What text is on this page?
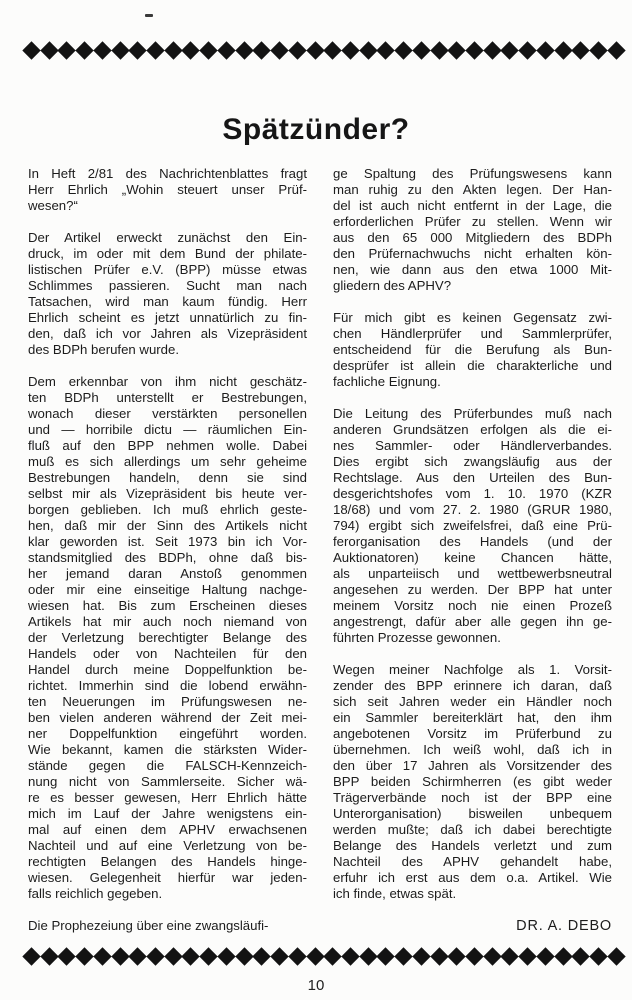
Spätzünder?
In Heft 2/81 des Nachrichtenblattes fragt
Herr Ehrlich „Wohin steuert unser Prüf-
wesen?“
Der Artikel erweckt zunächst den Ein-
druck, im oder mit dem Bund der philate-
listischen Prüfer e.V. (BPP) müsse etwas
Schlimmes passieren. Sucht man nach
Tatsachen, wird man kaum fündig. Herr
Ehrlich scheint es jetzt unnatürlich zu fin-
den, daß ich vor Jahren als Vizepräsident
des BDPh berufen wurde.
Dem erkennbar von ihm nicht geschätz-
ten BDPh unterstellt er Bestrebungen,
wonach dieser verstärkten personellen
und — horribile dictu — räumlichen Ein-
fluß auf den BPP nehmen wolle. Dabei
muß es sich allerdings um sehr geheime
Bestrebungen handeln, denn sie sind
selbst mir als Vizepräsident bis heute ver-
borgen geblieben. Ich muß ehrlich geste-
hen, daß mir der Sinn des Artikels nicht
klar geworden ist. Seit 1973 bin ich Vor-
standsmitglied des BDPh, ohne daß bis-
her jemand daran Anstoß genommen
oder mir eine einseitige Haltung nachge-
wiesen hat. Bis zum Erscheinen dieses
Artikels hat mir auch noch niemand von
der Verletzung berechtigter Belange des
Handels oder von Nachteilen für den
Handel durch meine Doppelfunktion be-
richtet. Immerhin sind die lobend erwähn-
ten Neuerungen im Prüfungswesen ne-
ben vielen anderen während der Zeit mei-
ner Doppelfunktion eingeführt worden.
Wie bekannt, kamen die stärksten Wider-
stände gegen die FALSCH-Kennzeich-
nung nicht von Sammlerseite. Sicher wä-
re es besser gewesen, Herr Ehrlich hätte
mich im Lauf der Jahre wenigstens ein-
mal auf einen dem APHV erwachsenen
Nachteil und auf eine Verletzung von be-
rechtigten Belangen des Handels hinge-
wiesen. Gelegenheit hierfür war jeden-
falls reichlich gegeben.
Die Prophezeiung über eine zwangsläufi-
ge Spaltung des Prüfungswesens kann
man ruhig zu den Akten legen. Der Han-
del ist auch nicht entfernt in der Lage, die
erforderlichen Prüfer zu stellen. Wenn wir
aus den 65 000 Mitgliedern des BDPh
den Prüfernachwuchs nicht erhalten kön-
nen, wie dann aus den etwa 1000 Mit-
gliedern des APHV?
Für mich gibt es keinen Gegensatz zwi-
chen Händlerprüfer und Sammlerprüfer,
entscheidend für die Berufung als Bun-
desprüfer ist allein die charakterliche und
fachliche Eignung.
Die Leitung des Prüferbundes muß nach
anderen Grundsätzen erfolgen als die ei-
nes Sammler- oder Händlerverbandes.
Dies ergibt sich zwangsläufig aus der
Rechtslage. Aus den Urteilen des Bun-
desgerichtshofes vom 1. 10. 1970 (KZR
18/68) und vom 27. 2. 1980 (GRUR 1980,
794) ergibt sich zweifelsfrei, daß eine Prü-
ferorganisation des Handels (und der
Auktionatoren) keine Chancen hätte,
als unparteiisch und wettbewerbsneutral
angesehen zu werden. Der BPP hat unter
meinem Vorsitz noch nie einen Prozeß
angestrengt, dafür aber alle gegen ihn ge-
führten Prozesse gewonnen.
Wegen meiner Nachfolge als 1. Vorsit-
zender des BPP erinnere ich daran, daß
sich seit Jahren weder ein Händler noch
ein Sammler bereiterklärt hat, den ihm
angebotenen Vorsitz im Prüferbund zu
übernehmen. Ich weiß wohl, daß ich in
den über 17 Jahren als Vorsitzender des
BPP beiden Schirmherren (es gibt weder
Trägerverbände noch ist der BPP eine
Unterorganisation) bisweilen unbequem
werden mußte; daß ich dabei berechtigte
Belange des Handels verletzt und zum
Nachteil des APHV gehandelt habe,
erfuhr ich erst aus dem o.a. Artikel. Wie
ich finde, etwas spät.
DR. A. DEBO
10
